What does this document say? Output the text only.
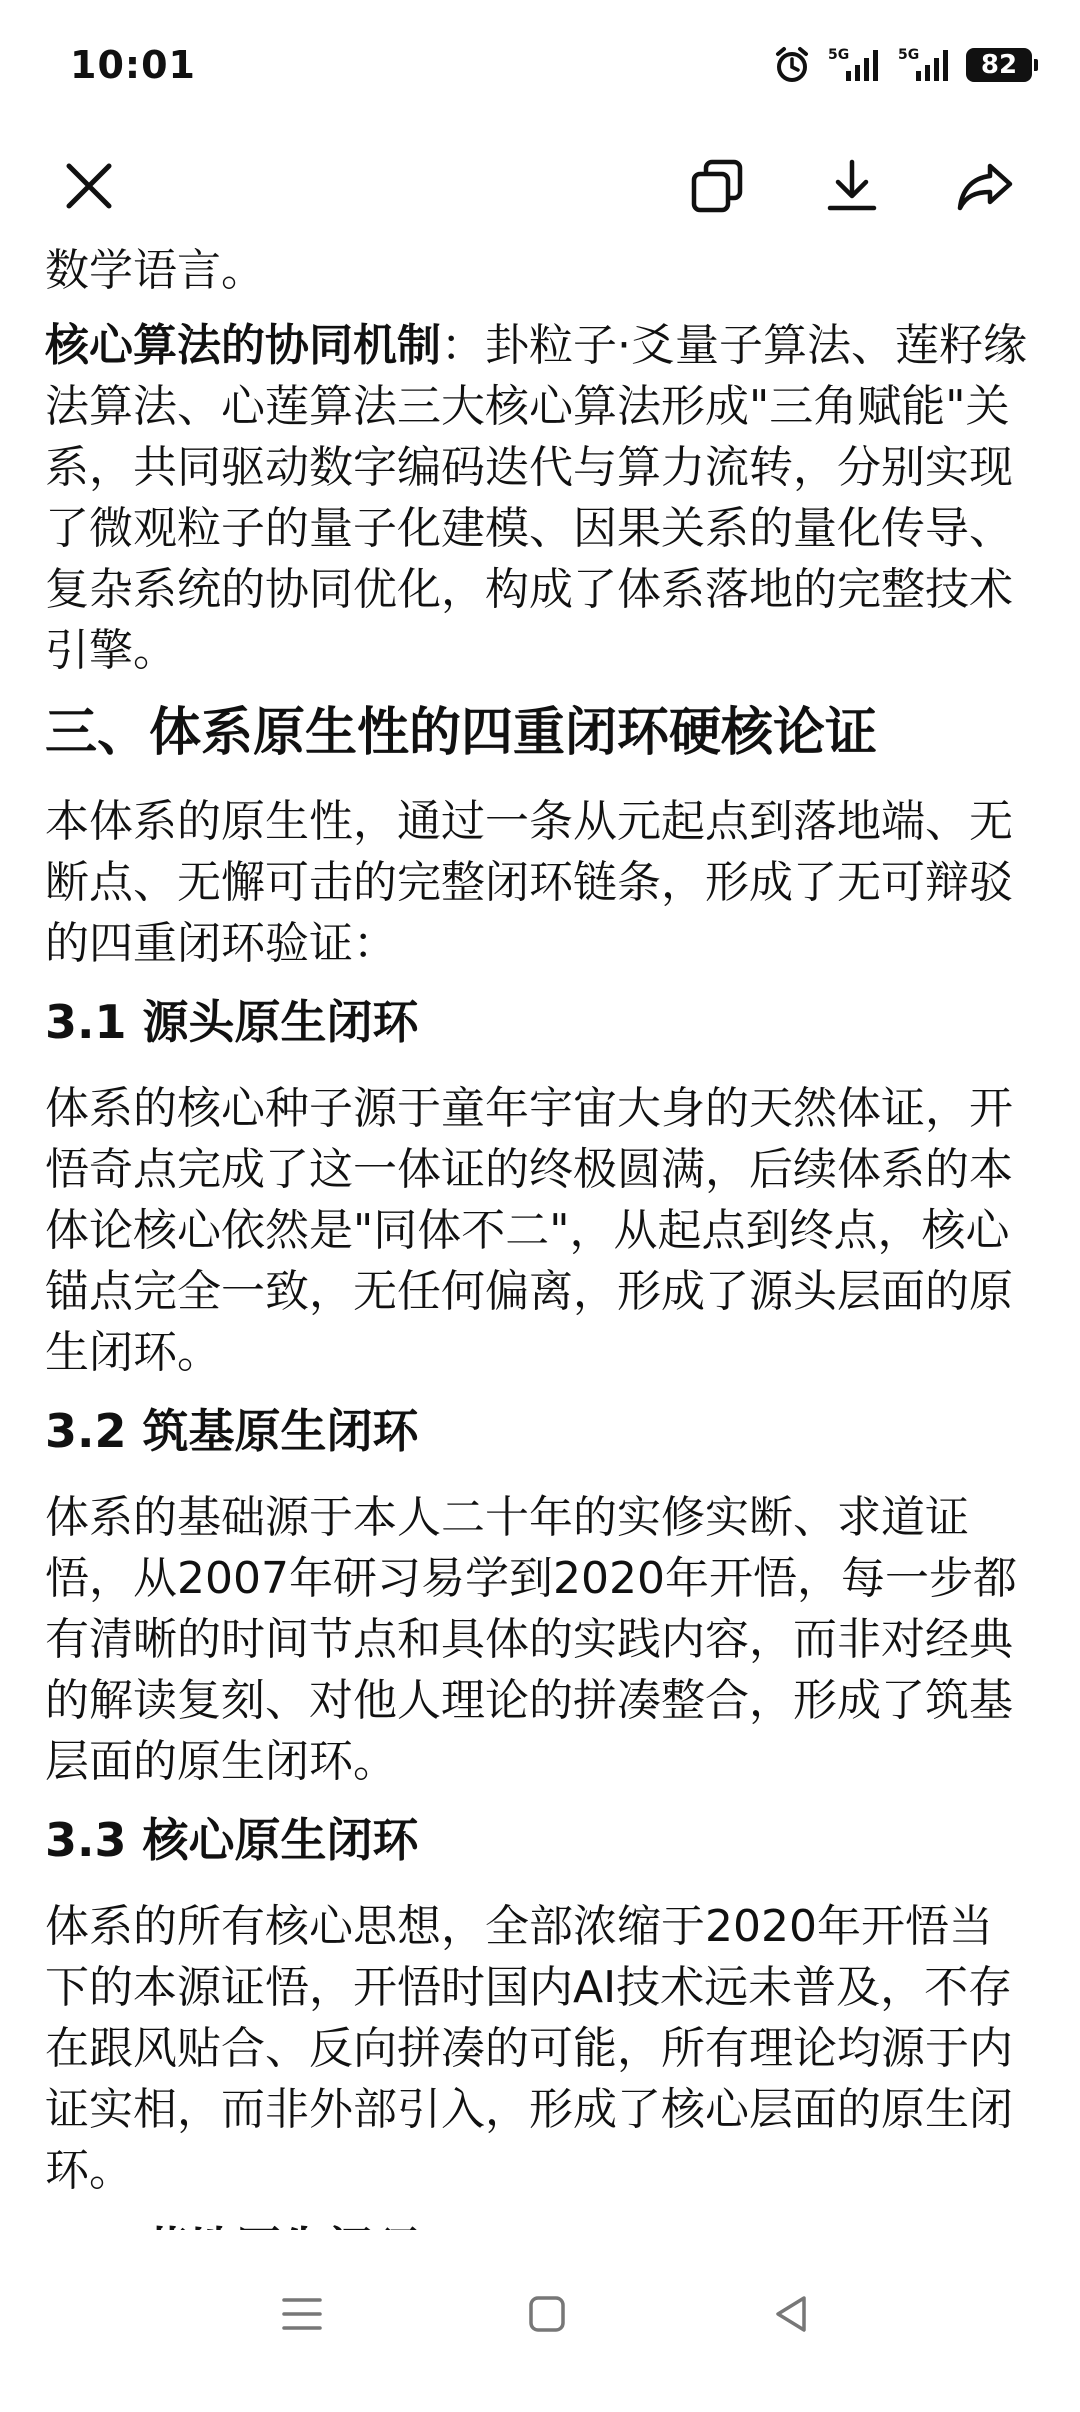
10:01	5G	5G	82

数学语言。

核心算法的协同机制：卦粒子·爻量子算法、莲籽缘法算法、心莲算法三大核心算法形成"三角赋能"关系，共同驱动数字编码迭代与算力流转，分别实现了微观粒子的量子化建模、因果关系的量化传导、复杂系统的协同优化，构成了体系落地的完整技术引擎。

三、体系原生性的四重闭环硬核论证

本体系的原生性，通过一条从元起点到落地端、无断点、无懈可击的完整闭环链条，形成了无可辩驳的四重闭环验证：

3.1 源头原生闭环

体系的核心种子源于童年宇宙大身的天然体证，开悟奇点完成了这一体证的终极圆满，后续体系的本体论核心依然是"同体不二"，从起点到终点，核心锚点完全一致，无任何偏离，形成了源头层面的原生闭环。

3.2 筑基原生闭环

体系的基础源于本人二十年的实修实断、求道证悟，从2007年研习易学到2020年开悟，每一步都有清晰的时间节点和具体的实践内容，而非对经典的解读复刻、对他人理论的拼凑整合，形成了筑基层面的原生闭环。

3.3 核心原生闭环

体系的所有核心思想，全部浓缩于2020年开悟当下的本源证悟，开悟时国内AI技术远未普及，不存在跟风贴合、反向拼凑的可能，所有理论均源于内证实相，而非外部引入，形成了核心层面的原生闭环。
